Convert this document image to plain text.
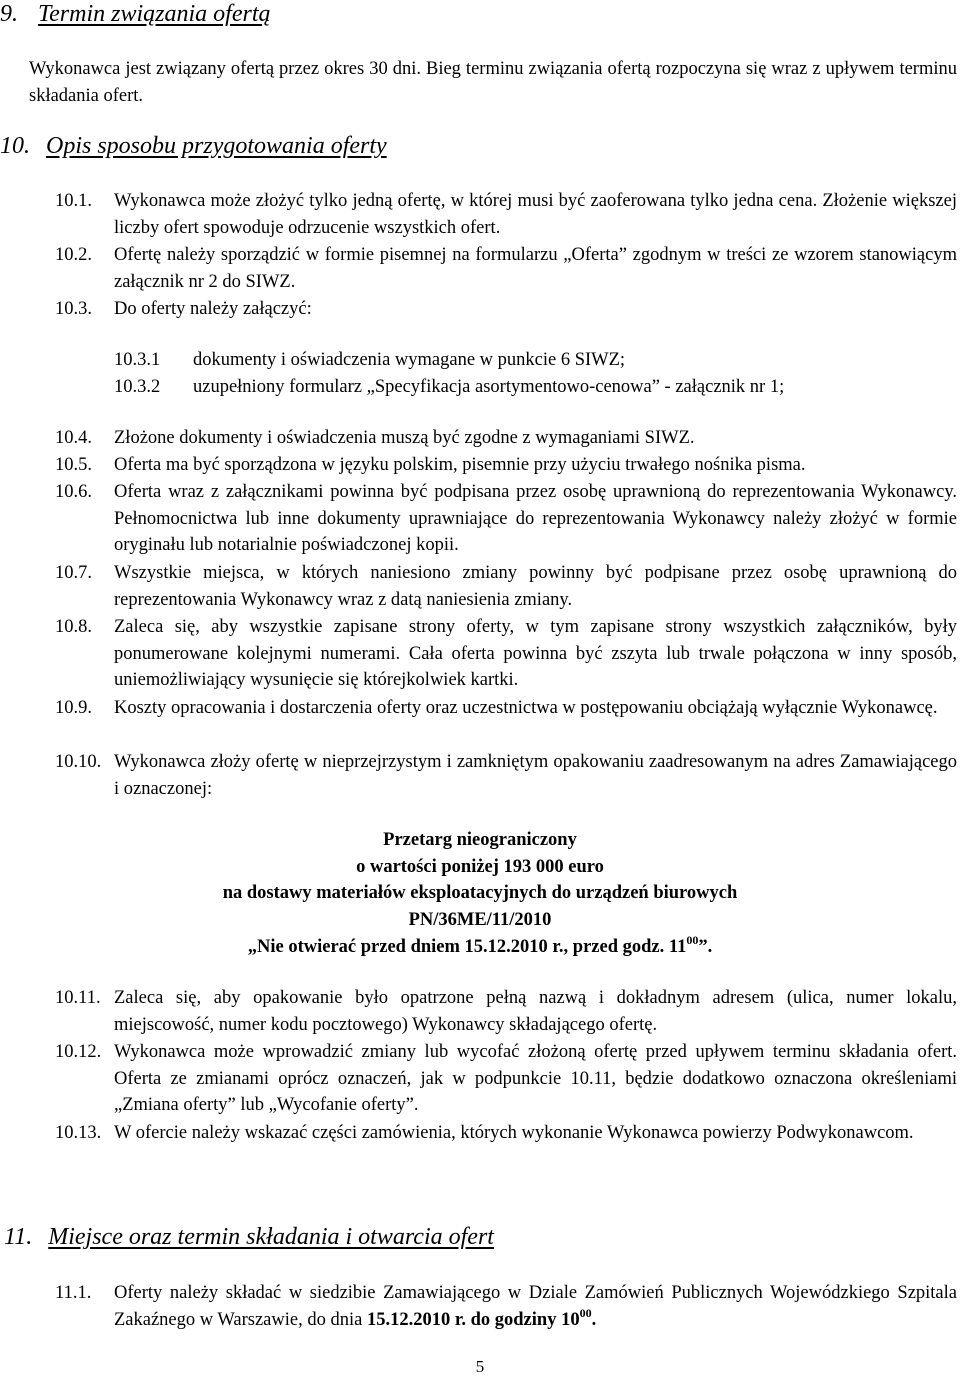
9. Termin związania ofertą
Wykonawca jest związany ofertą przez okres 30 dni. Bieg terminu związania ofertą rozpoczyna się wraz z upływem terminu składania ofert.
10. Opis sposobu przygotowania oferty
10.1. Wykonawca może złożyć tylko jedną ofertę, w której musi być zaoferowana tylko jedna cena. Złożenie większej liczby ofert spowoduje odrzucenie wszystkich ofert.
10.2. Ofertę należy sporządzić w formie pisemnej na formularzu „Oferta” zgodnym w treści ze wzorem stanowiącym załącznik nr 2 do SIWZ.
10.3. Do oferty należy załączyć:
10.3.1 dokumenty i oświadczenia wymagane w punkcie 6 SIWZ;
10.3.2 uzupełniony formularz „Specyfikacja asortymentowo-cenowa” - załącznik nr 1;
10.4. Złożone dokumenty i oświadczenia muszą być zgodne z wymaganiami SIWZ.
10.5. Oferta ma być sporządzona w języku polskim, pisemnie przy użyciu trwałego nośnika pisma.
10.6. Oferta wraz z załącznikami powinna być podpisana przez osobę uprawnioną do reprezentowania Wykonawcy. Pełnomocnictwa lub inne dokumenty uprawniające do reprezentowania Wykonawcy należy złożyć w formie oryginału lub notarialnie poświadczonej kopii.
10.7. Wszystkie miejsca, w których naniesiono zmiany powinny być podpisane przez osobę uprawnioną do reprezentowania Wykonawcy wraz z datą naniesienia zmiany.
10.8. Zaleca się, aby wszystkie zapisane strony oferty, w tym zapisane strony wszystkich załączników, były ponumerowane kolejnymi numerami. Cała oferta powinna być zszyta lub trwale połączona w inny sposób, uniemożliwiający wysunięcie się którejkolwiek kartki.
10.9. Koszty opracowania i dostarczenia oferty oraz uczestnictwa w postępowaniu obciążają wyłącznie Wykonawcę.
10.10. Wykonawca złoży ofertę w nieprzejrzystym i zamkniętym opakowaniu zaadresowanym na adres Zamawiającego i oznaczonej:
Przetarg nieograniczony
o wartości poniżej 193 000 euro
na dostawy materiałów eksploatacyjnych do urządzeń biurowych
PN/36ME/11/2010
„Nie otwierać przed dniem 15.12.2010 r., przed godz. $11^{00}$”.
10.11. Zaleca się, aby opakowanie było opatrzone pełną nazwą i dokładnym adresem (ulica, numer lokalu, miejscowość, numer kodu pocztowego) Wykonawcy składającego ofertę.
10.12. Wykonawca może wprowadzić zmiany lub wycofać złożoną ofertę przed upływem terminu składania ofert. Oferta ze zmianami oprócz oznaczeń, jak w podpunkcie 10.11, będzie dodatkowo oznaczona określeniami „Zmiana oferty” lub „Wycofanie oferty”.
10.13. W ofercie należy wskazać części zamówienia, których wykonanie Wykonawca powierzy Podwykonawcom.
11. Miejsce oraz termin składania i otwarcia ofert
11.1. Oferty należy składać w siedzibie Zamawiającego w Dziale Zamówień Publicznych Wojewódzkiego Szpitala Zakaźnego w Warszawie, do dnia 15.12.2010 r. do godziny $10^{00}$.
5
